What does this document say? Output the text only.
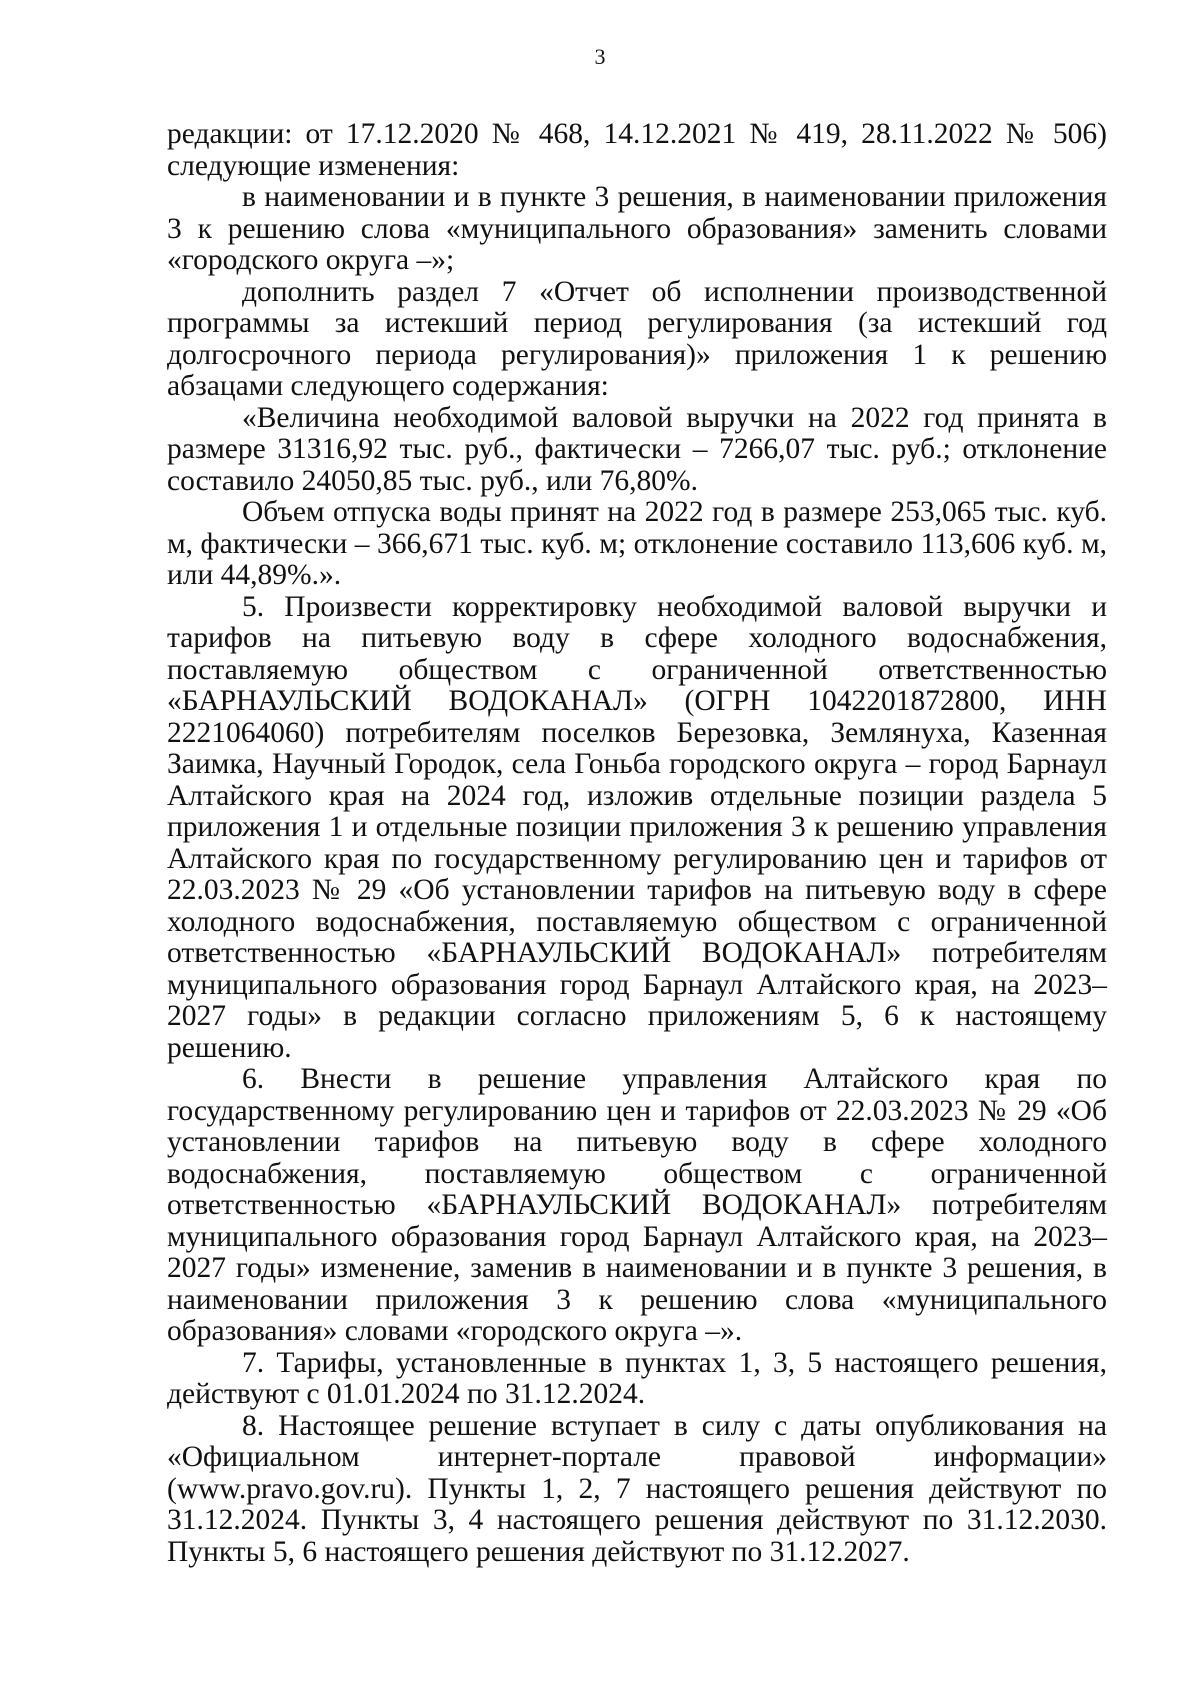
3

редакции: от 17.12.2020 № 468, 14.12.2021 № 419, 28.11.2022 № 506) следующие изменения:

в наименовании и в пункте 3 решения, в наименовании приложения 3 к решению слова «муниципального образования» заменить словами «городского округа –»;

дополнить раздел 7 «Отчет об исполнении производственной программы за истекший период регулирования (за истекший год долгосрочного периода регулирования)» приложения 1 к решению абзацами следующего содержания:

«Величина необходимой валовой выручки на 2022 год принята в размере 31316,92 тыс. руб., фактически – 7266,07 тыс. руб.; отклонение составило 24050,85 тыс. руб., или 76,80%.

Объем отпуска воды принят на 2022 год в размере 253,065 тыс. куб. м, фактически – 366,671 тыс. куб. м; отклонение составило 113,606 куб. м, или 44,89%.».

5. Произвести корректировку необходимой валовой выручки и тарифов на питьевую воду в сфере холодного водоснабжения, поставляемую обществом с ограниченной ответственностью «БАРНАУЛЬСКИЙ ВОДОКАНАЛ» (ОГРН 1042201872800, ИНН 2221064060) потребителям поселков Березовка, Землянуха, Казенная Заимка, Научный Городок, села Гоньба городского округа – город Барнаул Алтайского края на 2024 год, изложив отдельные позиции раздела 5 приложения 1 и отдельные позиции приложения 3 к решению управления Алтайского края по государственному регулированию цен и тарифов от 22.03.2023 № 29 «Об установлении тарифов на питьевую воду в сфере холодного водоснабжения, поставляемую обществом с ограниченной ответственностью «БАРНАУЛЬСКИЙ ВОДОКАНАЛ» потребителям муниципального образования город Барнаул Алтайского края, на 2023–2027 годы» в редакции согласно приложениям 5, 6 к настоящему решению.

6. Внести в решение управления Алтайского края по государственному регулированию цен и тарифов от 22.03.2023 № 29 «Об установлении тарифов на питьевую воду в сфере холодного водоснабжения, поставляемую обществом с ограниченной ответственностью «БАРНАУЛЬСКИЙ ВОДОКАНАЛ» потребителям муниципального образования город Барнаул Алтайского края, на 2023–2027 годы» изменение, заменив в наименовании и в пункте 3 решения, в наименовании приложения 3 к решению слова «муниципального образования» словами «городского округа –».

7. Тарифы, установленные в пунктах 1, 3, 5 настоящего решения, действуют с 01.01.2024 по 31.12.2024.

8. Настоящее решение вступает в силу с даты опубликования на «Официальном интернет-портале правовой информации» (www.pravo.gov.ru). Пункты 1, 2, 7 настоящего решения действуют по 31.12.2024. Пункты 3, 4 настоящего решения действуют по 31.12.2030. Пункты 5, 6 настоящего решения действуют по 31.12.2027.
